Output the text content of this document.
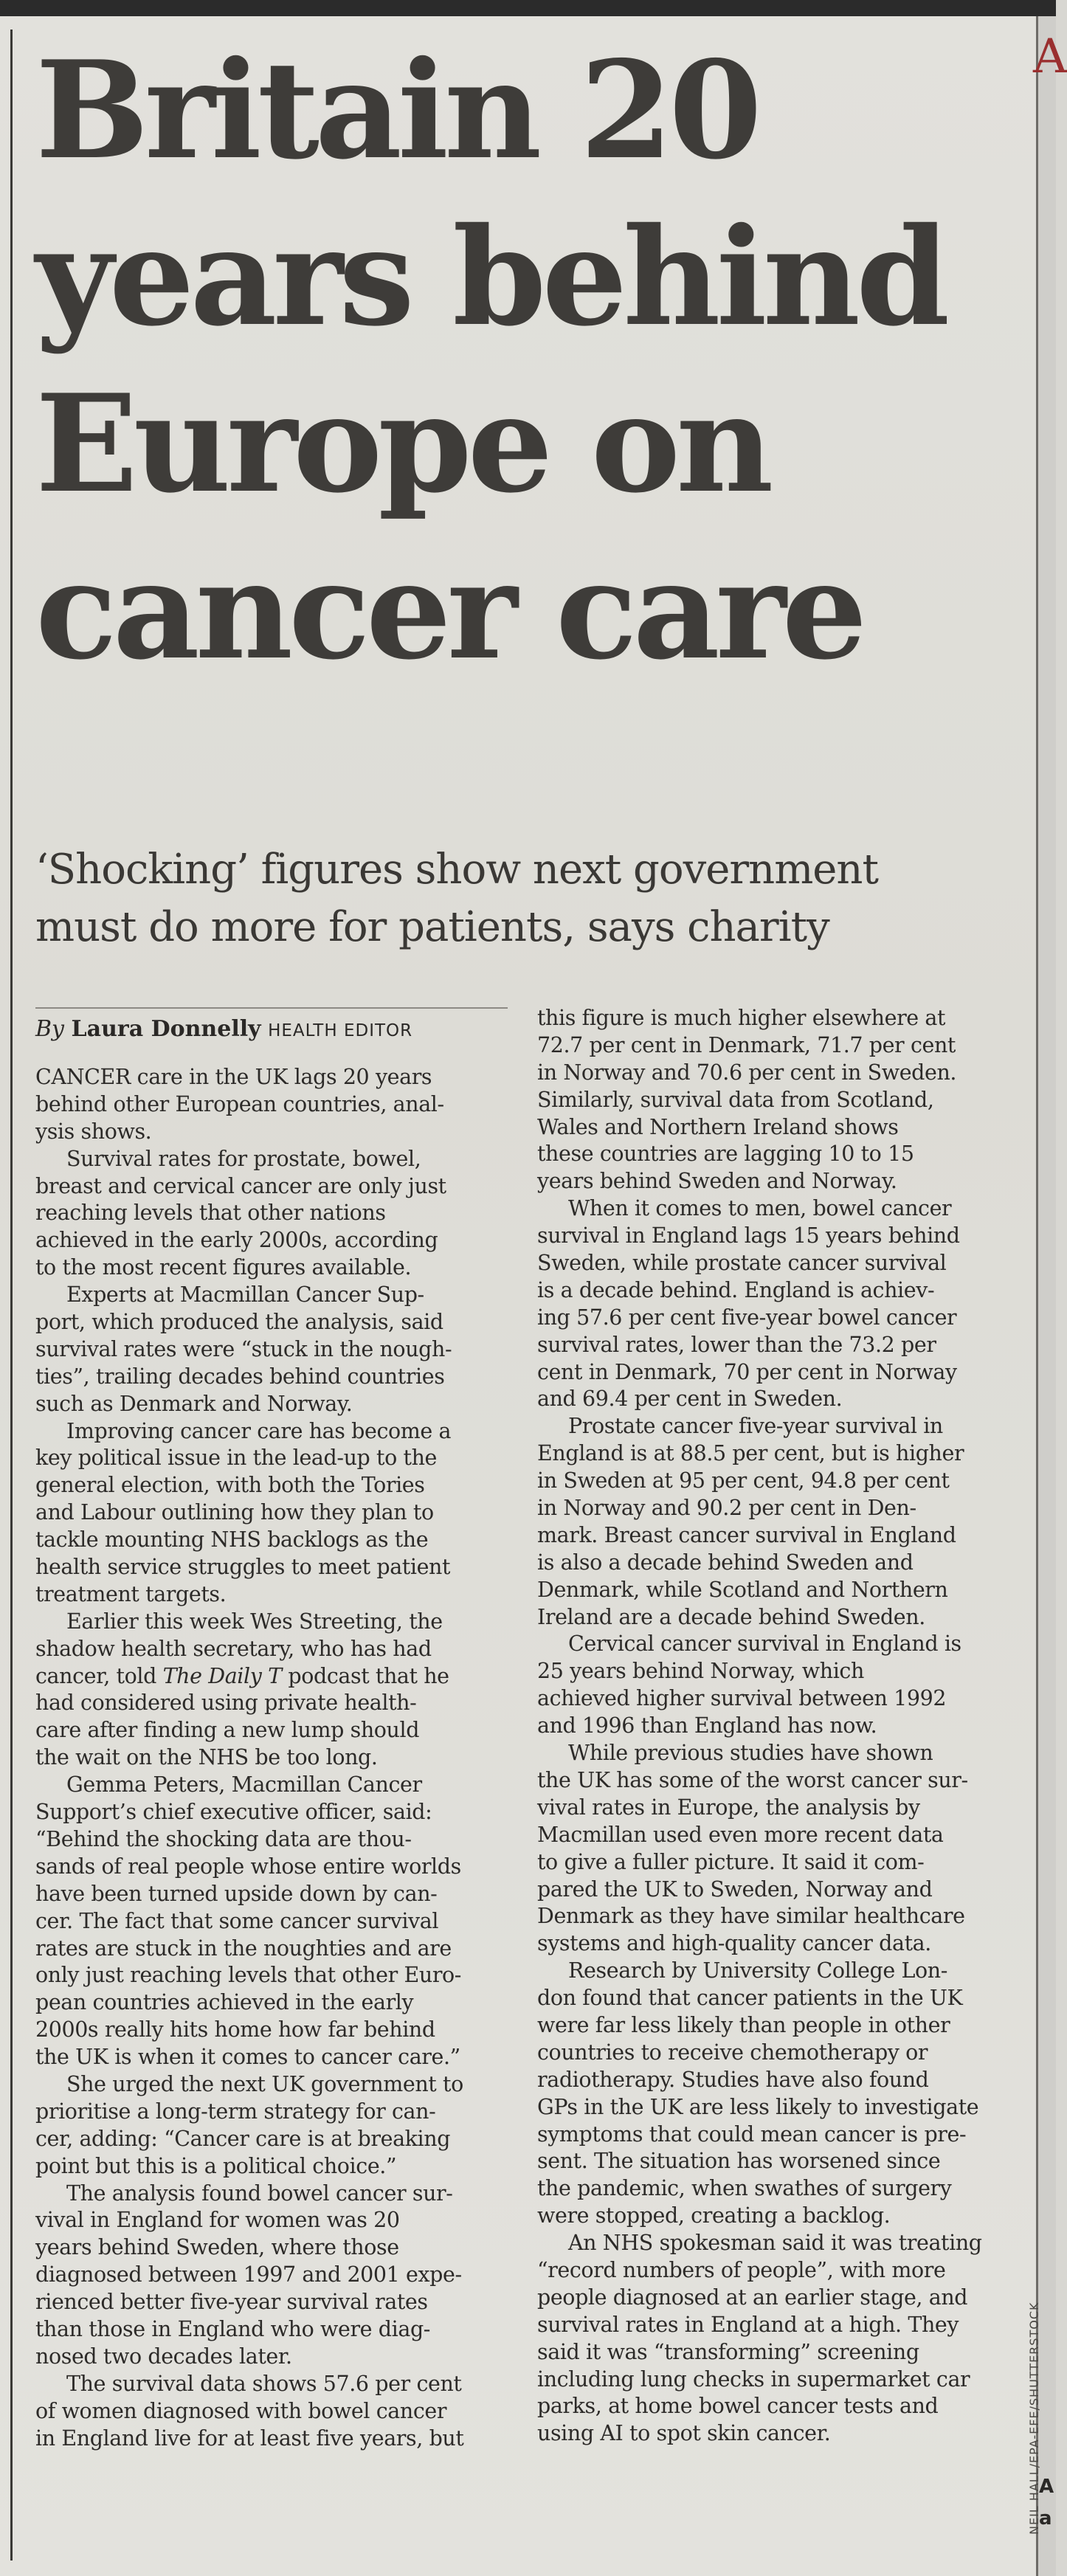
A
A
a
Britain 20
years behind
Europe on
cancer care
‘Shocking’ figures show next government
must do more for patients, says charity
By Laura Donnelly HEALTH EDITOR
CANCER care in the UK lags 20 years
behind other European countries, anal-
ysis shows.
Survival rates for prostate, bowel,
breast and cervical cancer are only just
reaching levels that other nations
achieved in the early 2000s, according
to the most recent figures available.
Experts at Macmillan Cancer Sup-
port, which produced the analysis, said
survival rates were “stuck in the nough-
ties”, trailing decades behind countries
such as Denmark and Norway.
Improving cancer care has become a
key political issue in the lead-up to the
general election, with both the Tories
and Labour outlining how they plan to
tackle mounting NHS backlogs as the
health service struggles to meet patient
treatment targets.
Earlier this week Wes Streeting, the
shadow health secretary, who has had
cancer, told The Daily T podcast that he
had considered using private health-
care after finding a new lump should
the wait on the NHS be too long.
Gemma Peters, Macmillan Cancer
Support’s chief executive officer, said:
“Behind the shocking data are thou-
sands of real people whose entire worlds
have been turned upside down by can-
cer. The fact that some cancer survival
rates are stuck in the noughties and are
only just reaching levels that other Euro-
pean countries achieved in the early
2000s really hits home how far behind
the UK is when it comes to cancer care.”
She urged the next UK government to
prioritise a long-term strategy for can-
cer, adding: “Cancer care is at breaking
point but this is a political choice.”
The analysis found bowel cancer sur-
vival in England for women was 20
years behind Sweden, where those
diagnosed between 1997 and 2001 expe-
rienced better five-year survival rates
than those in England who were diag-
nosed two decades later.
The survival data shows 57.6 per cent
of women diagnosed with bowel cancer
in England live for at least five years, but
this figure is much higher elsewhere at
72.7 per cent in Denmark, 71.7 per cent
in Norway and 70.6 per cent in Sweden.
Similarly, survival data from Scotland,
Wales and Northern Ireland shows
these countries are lagging 10 to 15
years behind Sweden and Norway.
When it comes to men, bowel cancer
survival in England lags 15 years behind
Sweden, while prostate cancer survival
is a decade behind. England is achiev-
ing 57.6 per cent five-year bowel cancer
survival rates, lower than the 73.2 per
cent in Denmark, 70 per cent in Norway
and 69.4 per cent in Sweden.
Prostate cancer five-year survival in
England is at 88.5 per cent, but is higher
in Sweden at 95 per cent, 94.8 per cent
in Norway and 90.2 per cent in Den-
mark. Breast cancer survival in England
is also a decade behind Sweden and
Denmark, while Scotland and Northern
Ireland are a decade behind Sweden.
Cervical cancer survival in England is
25 years behind Norway, which
achieved higher survival between 1992
and 1996 than England has now.
While previous studies have shown
the UK has some of the worst cancer sur-
vival rates in Europe, the analysis by
Macmillan used even more recent data
to give a fuller picture. It said it com-
pared the UK to Sweden, Norway and
Denmark as they have similar healthcare
systems and high-quality cancer data.
Research by University College Lon-
don found that cancer patients in the UK
were far less likely than people in other
countries to receive chemotherapy or
radiotherapy. Studies have also found
GPs in the UK are less likely to investigate
symptoms that could mean cancer is pre-
sent. The situation has worsened since
the pandemic, when swathes of surgery
were stopped, creating a backlog.
An NHS spokesman said it was treating
“record numbers of people”, with more
people diagnosed at an earlier stage, and
survival rates in England at a high. They
said it was “transforming” screening
including lung checks in supermarket car
parks, at home bowel cancer tests and
using AI to spot skin cancer.	NEIL HALL/EPA-EFE/SHUTTERSTOCK
